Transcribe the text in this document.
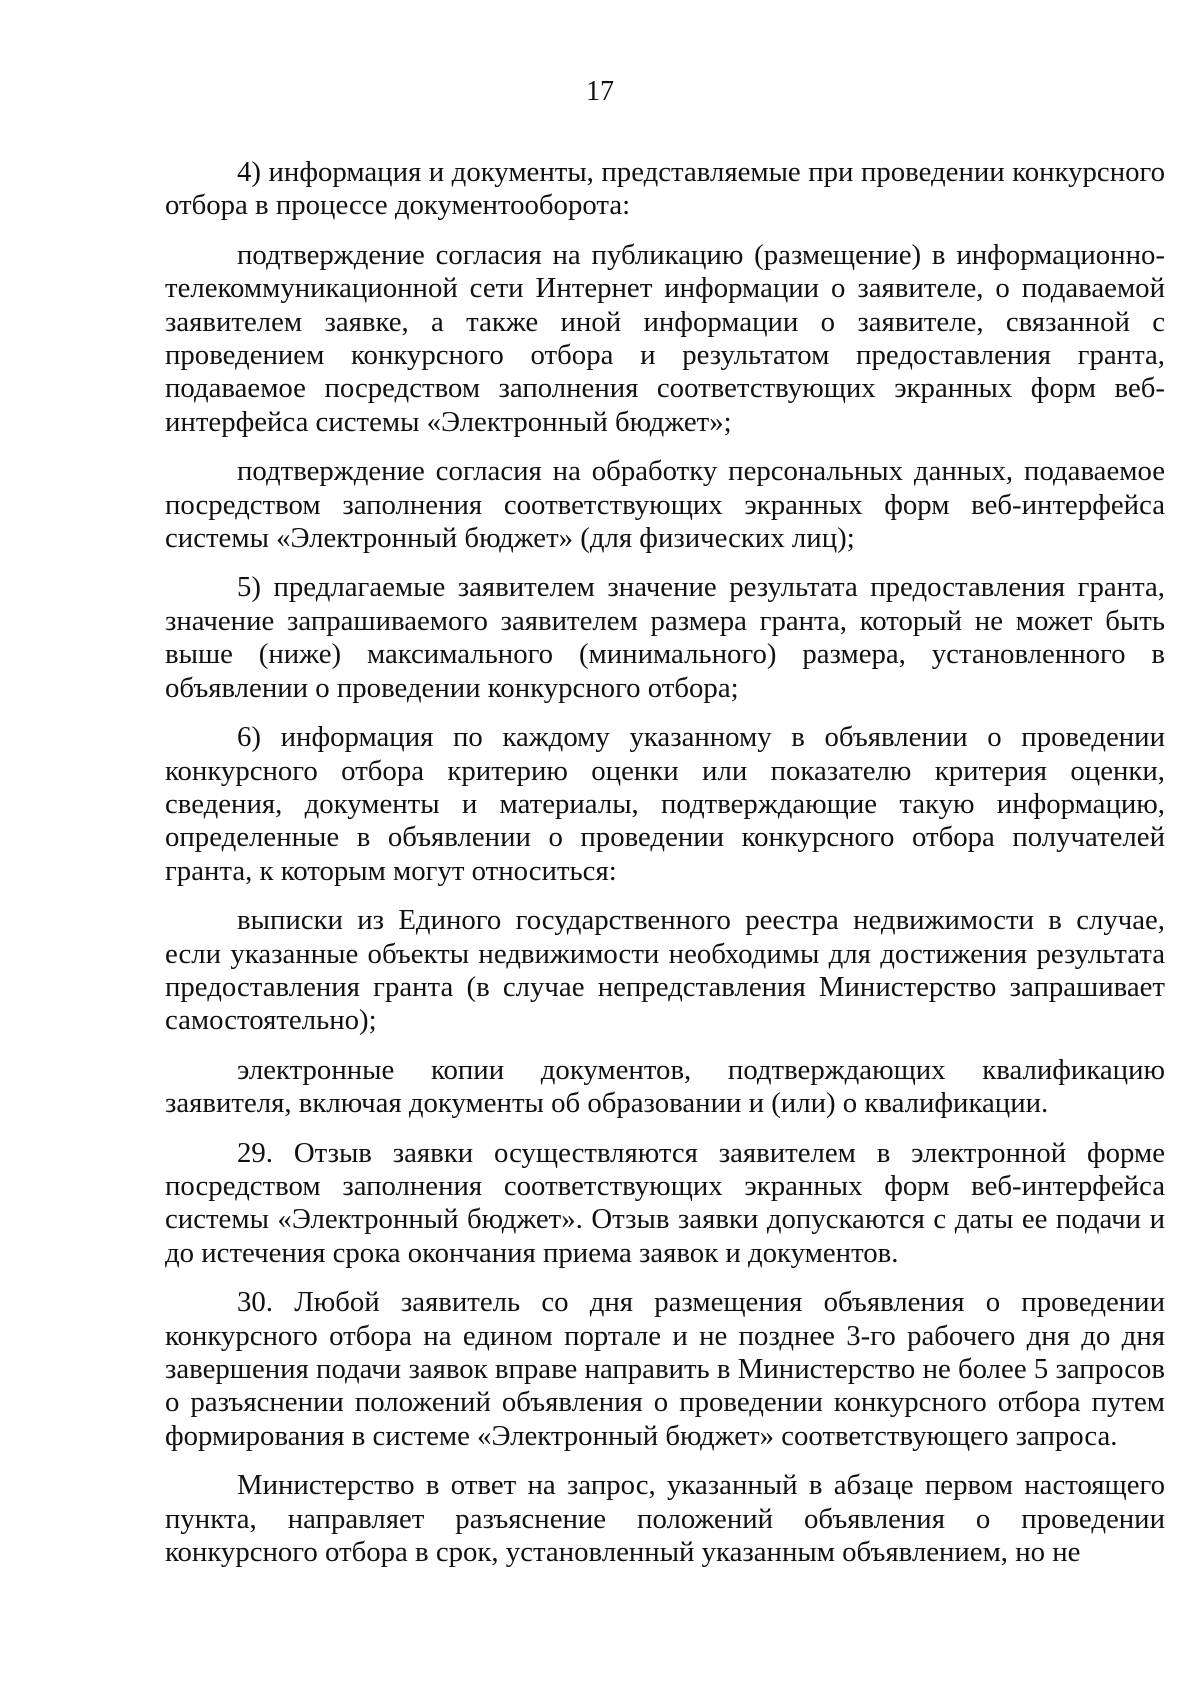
17

4) информация и документы, представляемые при проведении конкурсного отбора в процессе документооборота:

подтверждение согласия на публикацию (размещение) в информационно-телекоммуникационной сети Интернет информации о заявителе, о подаваемой заявителем заявке, а также иной информации о заявителе, связанной с проведением конкурсного отбора и результатом предоставления гранта, подаваемое посредством заполнения соответствующих экранных форм веб-интерфейса системы «Электронный бюджет»;

подтверждение согласия на обработку персональных данных, подаваемое посредством заполнения соответствующих экранных форм веб-интерфейса системы «Электронный бюджет» (для физических лиц);

5) предлагаемые заявителем значение результата предоставления гранта, значение запрашиваемого заявителем размера гранта, который не может быть выше (ниже) максимального (минимального) размера, установленного в объявлении о проведении конкурсного отбора;

6) информация по каждому указанному в объявлении о проведении конкурсного отбора критерию оценки или показателю критерия оценки, сведения, документы и материалы, подтверждающие такую информацию, определенные в объявлении о проведении конкурсного отбора получателей гранта, к которым могут относиться:

выписки из Единого государственного реестра недвижимости в случае, если указанные объекты недвижимости необходимы для достижения результата предоставления гранта (в случае непредставления Министерство запрашивает самостоятельно);

электронные копии документов, подтверждающих квалификацию заявителя, включая документы об образовании и (или) о квалификации.

29. Отзыв заявки осуществляются заявителем в электронной форме посредством заполнения соответствующих экранных форм веб-интерфейса системы «Электронный бюджет». Отзыв заявки допускаются с даты ее подачи и до истечения срока окончания приема заявок и документов.

30. Любой заявитель со дня размещения объявления о проведении конкурсного отбора на едином портале и не позднее 3-го рабочего дня до дня завершения подачи заявок вправе направить в Министерство не более 5 запросов о разъяснении положений объявления о проведении конкурсного отбора путем формирования в системе «Электронный бюджет» соответствующего запроса.

Министерство в ответ на запрос, указанный в абзаце первом настоящего пункта, направляет разъяснение положений объявления о проведении конкурсного отбора в срок, установленный указанным объявлением, но не
